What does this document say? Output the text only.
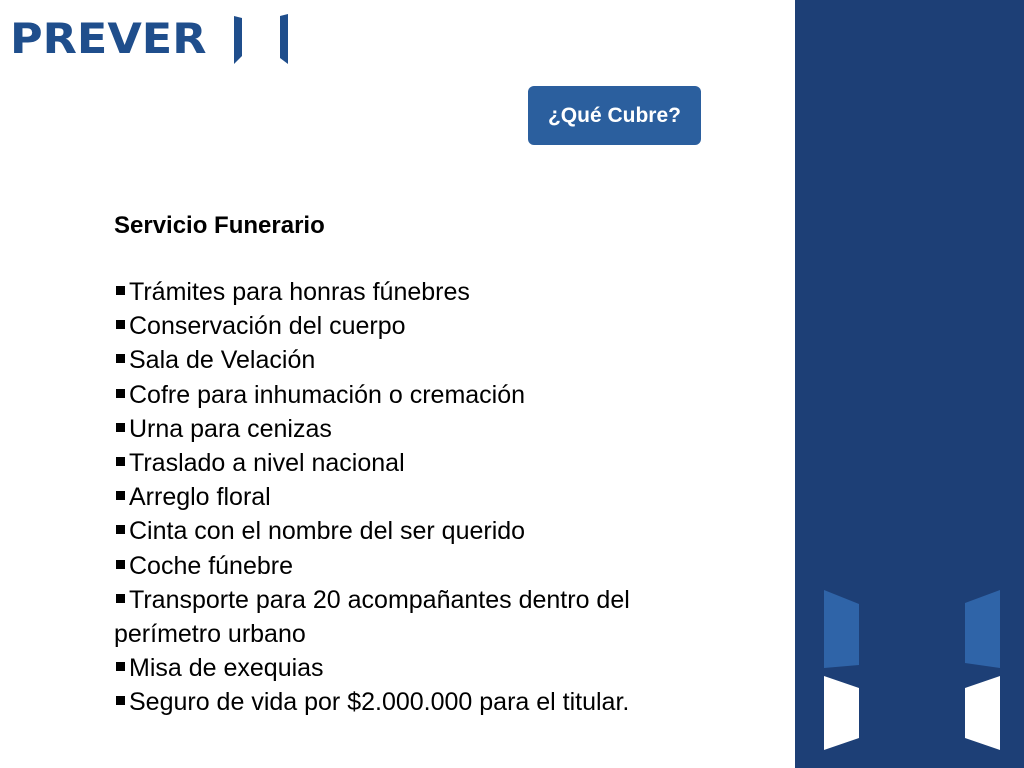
PREVER
¿Qué Cubre?
Servicio Funerario
Trámites para honras fúnebres
Conservación del cuerpo
Sala de Velación
Cofre para inhumación o cremación
Urna para cenizas
Traslado a nivel nacional
Arreglo floral
Cinta con el nombre del ser querido
Coche fúnebre
Transporte para 20 acompañantes dentro del perímetro urbano
Misa de exequias
Seguro de vida por $2.000.000 para el titular.
